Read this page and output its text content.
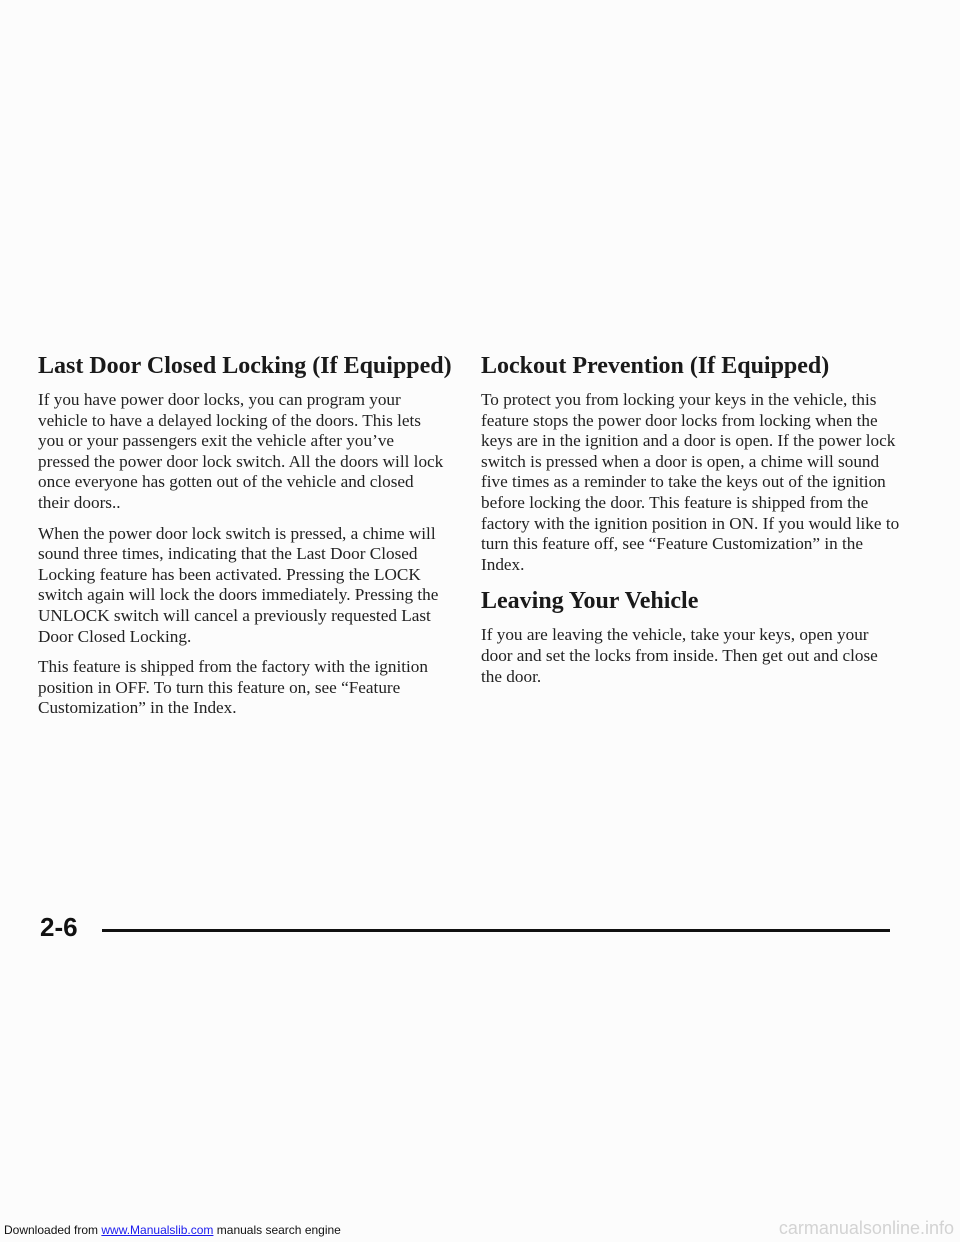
Last Door Closed Locking (If Equipped)

If you have power door locks, you can program your vehicle to have a delayed locking of the doors. This lets you or your passengers exit the vehicle after you’ve pressed the power door lock switch. All the doors will lock once everyone has gotten out of the vehicle and closed their doors..

When the power door lock switch is pressed, a chime will sound three times, indicating that the Last Door Closed Locking feature has been activated. Pressing the LOCK switch again will lock the doors immediately. Pressing the UNLOCK switch will cancel a previously requested Last Door Closed Locking.

This feature is shipped from the factory with the ignition position in OFF. To turn this feature on, see “Feature Customization” in the Index.

Lockout Prevention (If Equipped)

To protect you from locking your keys in the vehicle, this feature stops the power door locks from locking when the keys are in the ignition and a door is open. If the power lock switch is pressed when a door is open, a chime will sound five times as a reminder to take the keys out of the ignition before locking the door. This feature is shipped from the factory with the ignition position in ON. If you would like to turn this feature off, see “Feature Customization” in the Index.

Leaving Your Vehicle

If you are leaving the vehicle, take your keys, open your door and set the locks from inside. Then get out and close the door.

2-6
Downloaded from www.Manualslib.com manuals search engine	carmanualsonline.info
